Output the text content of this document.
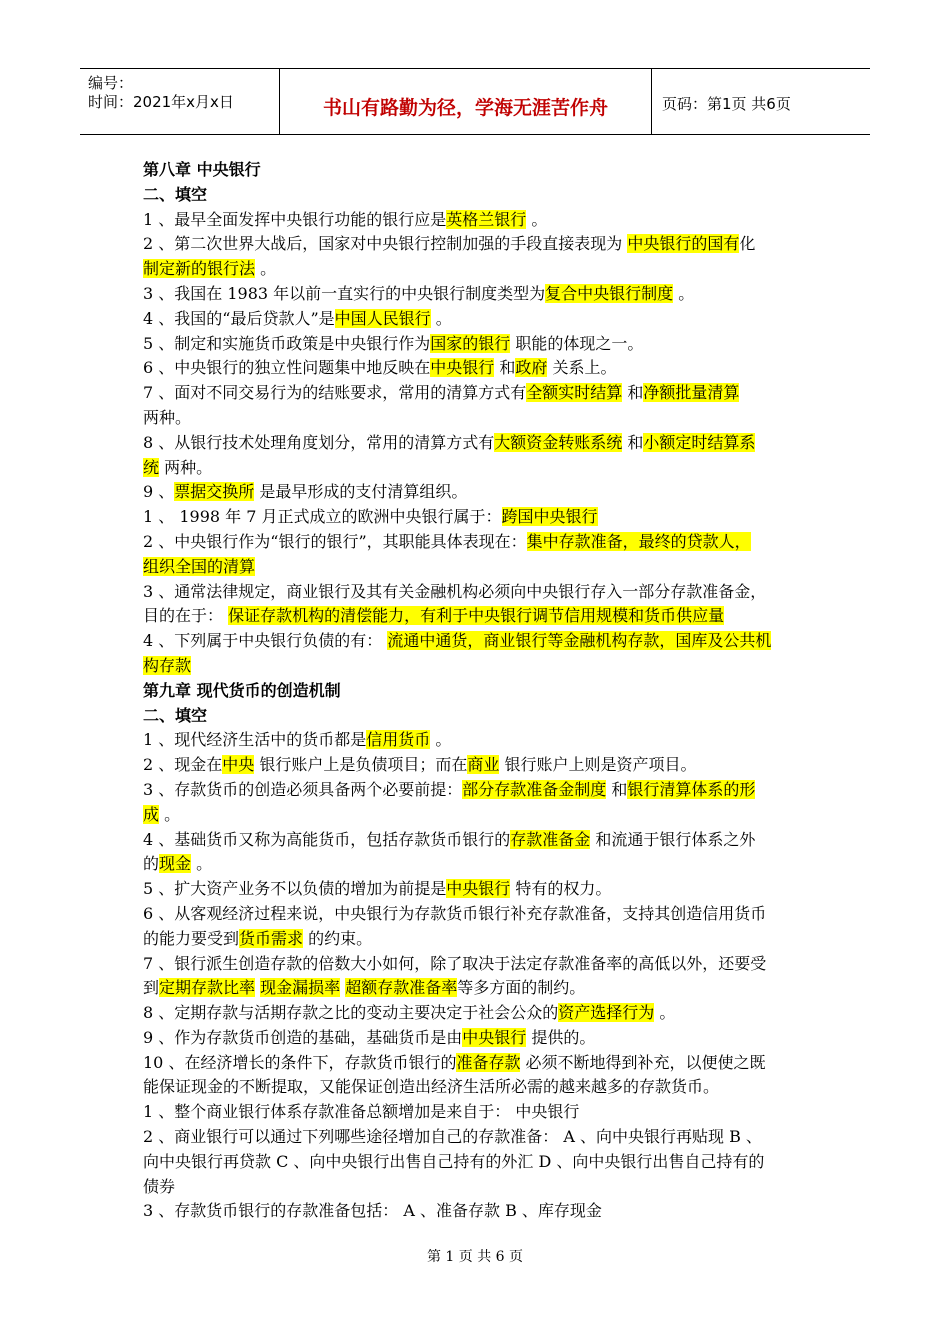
编号：
时间：2021年x月x日	书山有路勤为径，学海无涯苦作舟	页码：第1页 共6页
第八章 中央银行
二、填空
1 、最早全面发挥中央银行功能的银行应是英格兰银行 。
2 、第二次世界大战后，国家对中央银行控制加强的手段直接表现为 中央银行的国有化
制定新的银行法 。
3 、我国在 1983 年以前一直实行的中央银行制度类型为复合中央银行制度 。
4 、我国的“最后贷款人”是中国人民银行 。
5 、制定和实施货币政策是中央银行作为国家的银行 职能的体现之一。
6 、中央银行的独立性问题集中地反映在中央银行 和政府 关系上。
7 、面对不同交易行为的结账要求，常用的清算方式有全额实时结算 和净额批量清算
两种。
8 、从银行技术处理角度划分，常用的清算方式有大额资金转账系统 和小额定时结算系
统 两种。
9 、票据交换所 是最早形成的支付清算组织。
1 、 1998 年 7 月正式成立的欧洲中央银行属于：跨国中央银行
2 、中央银行作为“银行的银行”，其职能具体表现在：集中存款准备，最终的贷款人，
组织全国的清算
3 、通常法律规定，商业银行及其有关金融机构必须向中央银行存入一部分存款准备金，
目的在于： 保证存款机构的清偿能力，有利于中央银行调节信用规模和货币供应量
4 、下列属于中央银行负债的有： 流通中通货，商业银行等金融机构存款，国库及公共机
构存款
第九章 现代货币的创造机制
二、填空
1 、现代经济生活中的货币都是信用货币 。
2 、现金在中央 银行账户上是负债项目；而在商业 银行账户上则是资产项目。
3 、存款货币的创造必须具备两个必要前提：部分存款准备金制度 和银行清算体系的形
成 。
4 、基础货币又称为高能货币，包括存款货币银行的存款准备金 和流通于银行体系之外
的现金 。
5 、扩大资产业务不以负债的增加为前提是中央银行 特有的权力。
6 、从客观经济过程来说，中央银行为存款货币银行补充存款准备，支持其创造信用货币
的能力要受到货币需求 的约束。
7 、银行派生创造存款的倍数大小如何，除了取决于法定存款准备率的高低以外，还要受
到定期存款比率 现金漏损率 超额存款准备率等多方面的制约。
8 、定期存款与活期存款之比的变动主要决定于社会公众的资产选择行为 。
9 、作为存款货币创造的基础，基础货币是由中央银行 提供的。
10 、在经济增长的条件下，存款货币银行的准备存款 必须不断地得到补充，以便使之既
能保证现金的不断提取，又能保证创造出经济生活所必需的越来越多的存款货币。
1 、整个商业银行体系存款准备总额增加是来自于： 中央银行
2 、商业银行可以通过下列哪些途径增加自己的存款准备： A 、向中央银行再贴现 B 、
向中央银行再贷款 C 、向中央银行出售自己持有的外汇 D 、向中央银行出售自己持有的
债券
3 、存款货币银行的存款准备包括： A 、准备存款 B 、库存现金
第 1 页 共 6 页
